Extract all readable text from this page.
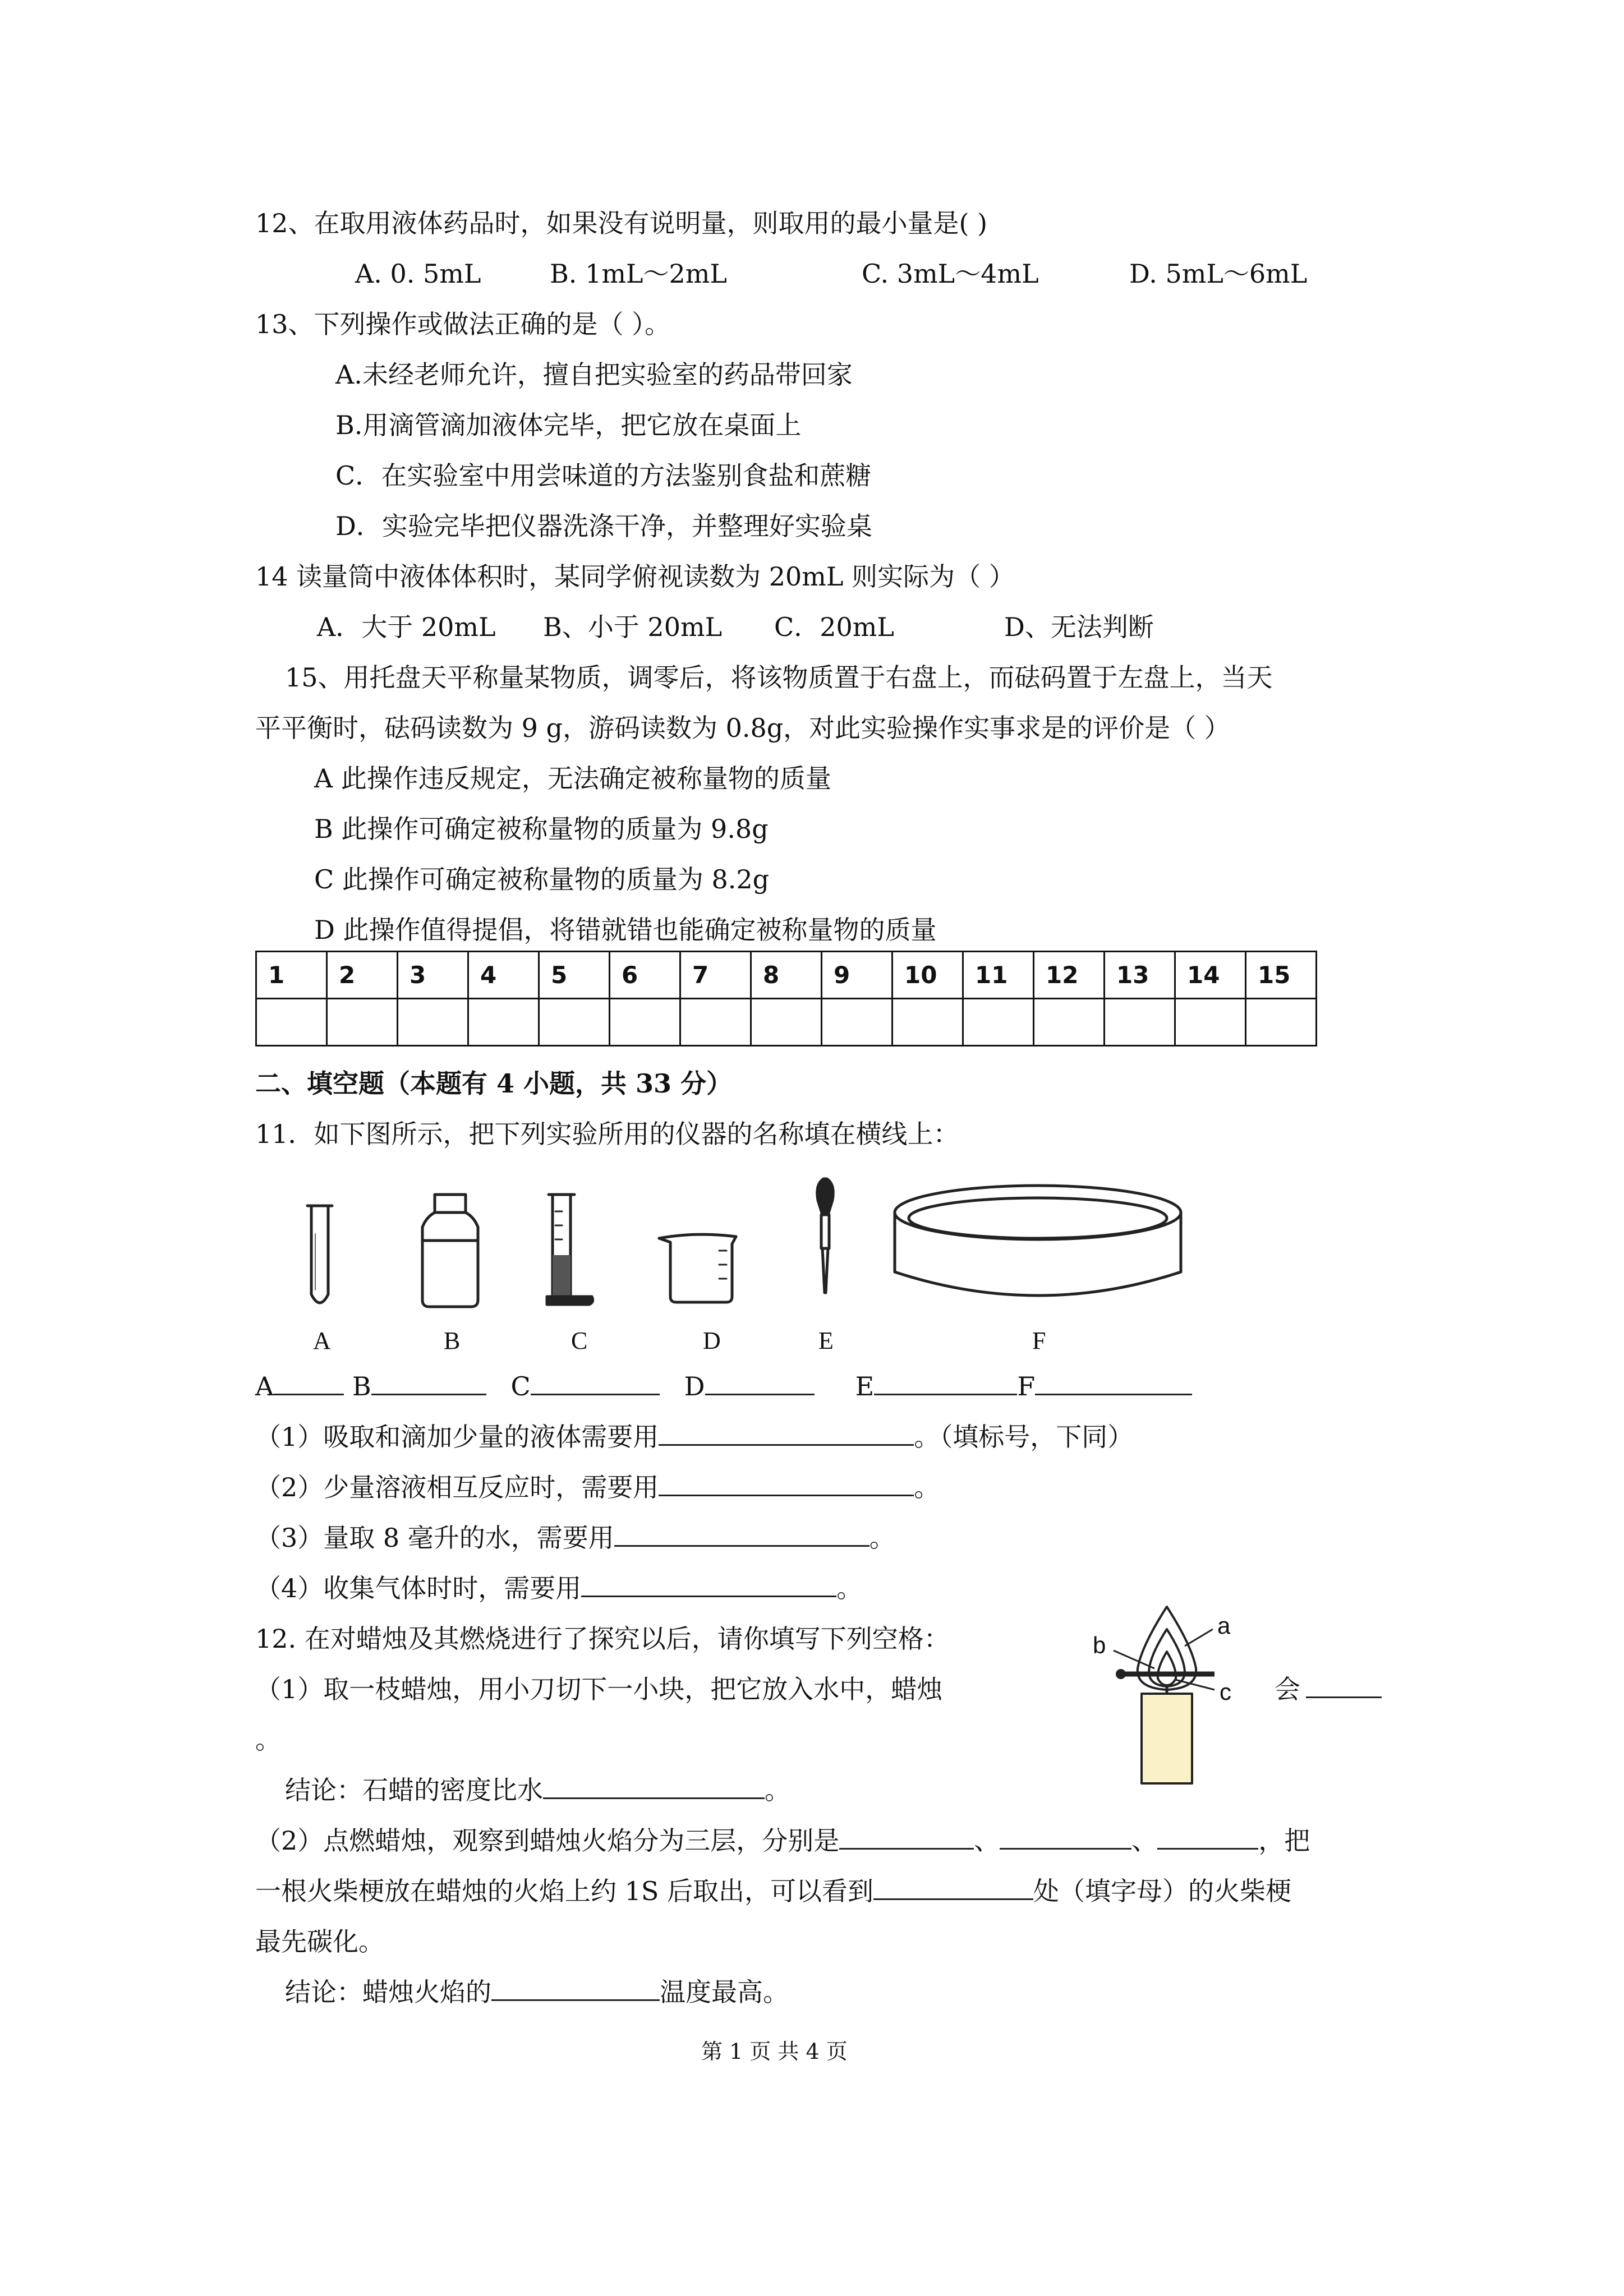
12、在取用液体药品时，如果没有说明量，则取用的最小量是( )
A. 0. 5mL	B. 1mL～2mL	C. 3mL～4mL	D. 5mL～6mL
13、下列操作或做法正确的是（ ）。
A.未经老师允许，擅自把实验室的药品带回家
B.用滴管滴加液体完毕，把它放在桌面上
C．在实验室中用尝味道的方法鉴别食盐和蔗糖
D．实验完毕把仪器洗涤干净，并整理好实验桌
14 读量筒中液体体积时，某同学俯视读数为 20mL 则实际为（ ）
A．大于 20mL B、小于 20mL C．20mL	D、无法判断
15、用托盘天平称量某物质，调零后，将该物质置于右盘上，而砝码置于左盘上，当天
平平衡时，砝码读数为 9 g，游码读数为 0.8g，对此实验操作实事求是的评价是（ ）
A 此操作违反规定，无法确定被称量物的质量
B 此操作可确定被称量物的质量为 9.8g
C 此操作可确定被称量物的质量为 8.2g
D 此操作值得提倡，将错就错也能确定被称量物的质量
1	2	3	4	5	6	7	8	9	10	11	12	13	14	15

二、填空题（本题有 4 小题，共 33 分）
11．如下图所示，把下列实验所用的仪器的名称填在横线上：
A	B	C	D	E	F
A	B	C	D	E	F
（1）吸取和滴加少量的液体需要用	。（填标号，下同）
（2）少量溶液相互反应时，需要用	。
（3）量取 8 毫升的水，需要用	。
（4）收集气体时时，需要用	。
12. 在对蜡烛及其燃烧进行了探究以后，请你填写下列空格：
（1）取一枝蜡烛，用小刀切下一小块，把它放入水中，蜡烛	会
。
a
b
c
结论：石蜡的密度比水	。
（2）点燃蜡烛，观察到蜡烛火焰分为三层，分别是	、	、	，把
一根火柴梗放在蜡烛的火焰上约 1S 后取出，可以看到	处（填字母）的火柴梗
最先碳化。
结论：蜡烛火焰的	温度最高。
第 1 页 共 4 页
